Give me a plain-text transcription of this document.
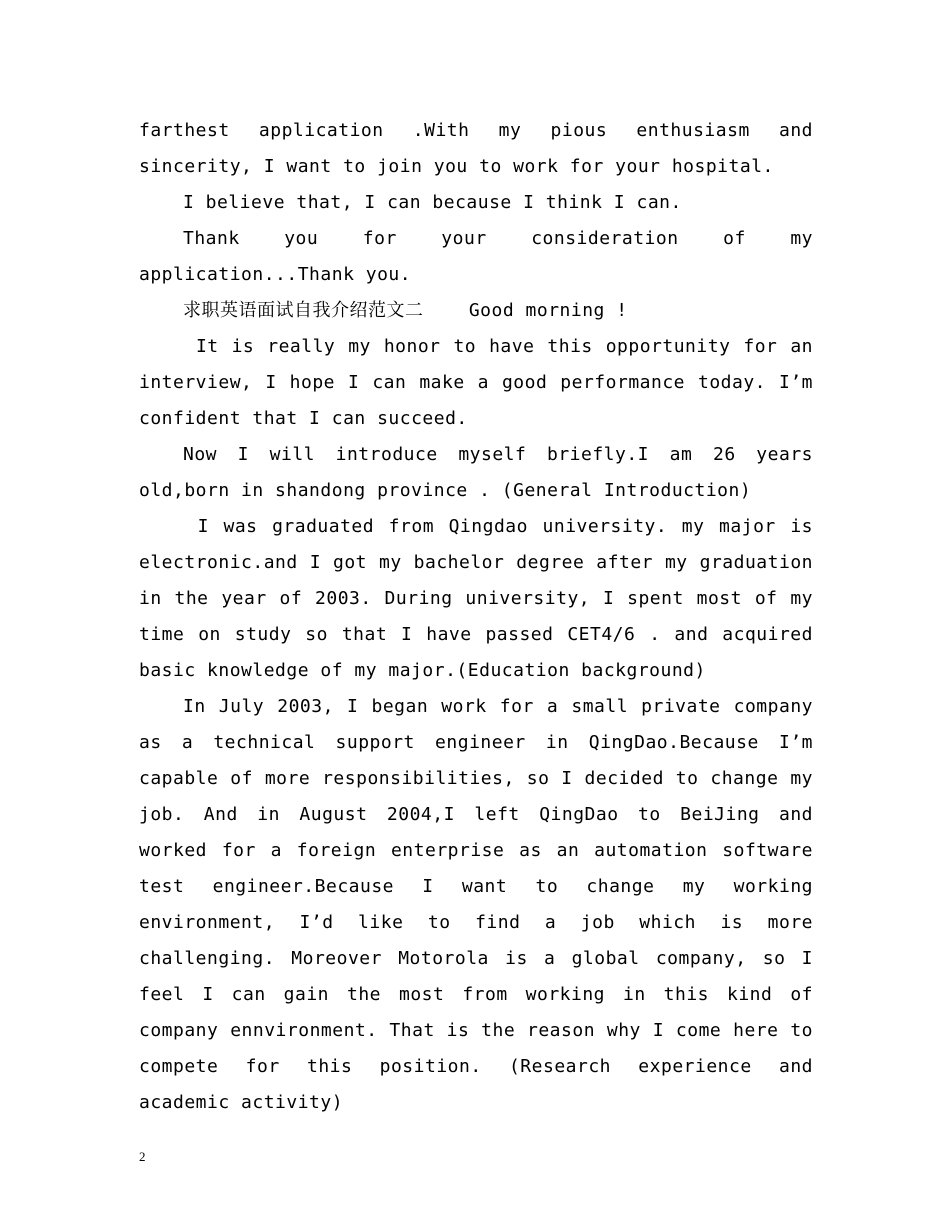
farthest application .With my pious enthusiasm and sincerity, I want to join you to work for your hospital.

I believe that, I can because I think I can.

Thank you for your consideration of my application...Thank you.

求职英语面试自我介绍范文二    Good morning !

It is really my honor to have this opportunity for an interview, I hope I can make a good performance today. I’m confident that I can succeed.

Now I will introduce myself briefly.I am 26 years old,born in shandong province . (General Introduction)

I was graduated from Qingdao university. my major is electronic.and I got my bachelor degree after my graduation in the year of 2003. During university, I spent most of my time on study so that I have passed CET4/6 . and acquired basic knowledge of my major.(Education background)

In July 2003, I began work for a small private company as a technical support engineer in QingDao.Because I’m capable of more responsibilities, so I decided to change my job. And in August 2004,I left QingDao to BeiJing and worked for a foreign enterprise as an automation software test engineer.Because I want to change my working environment, I’d like to find a job which is more challenging. Moreover Motorola is a global company, so I feel I can gain the most from working in this kind of company ennvironment. That is the reason why I come here to compete for this position. (Research experience and academic activity)

2
